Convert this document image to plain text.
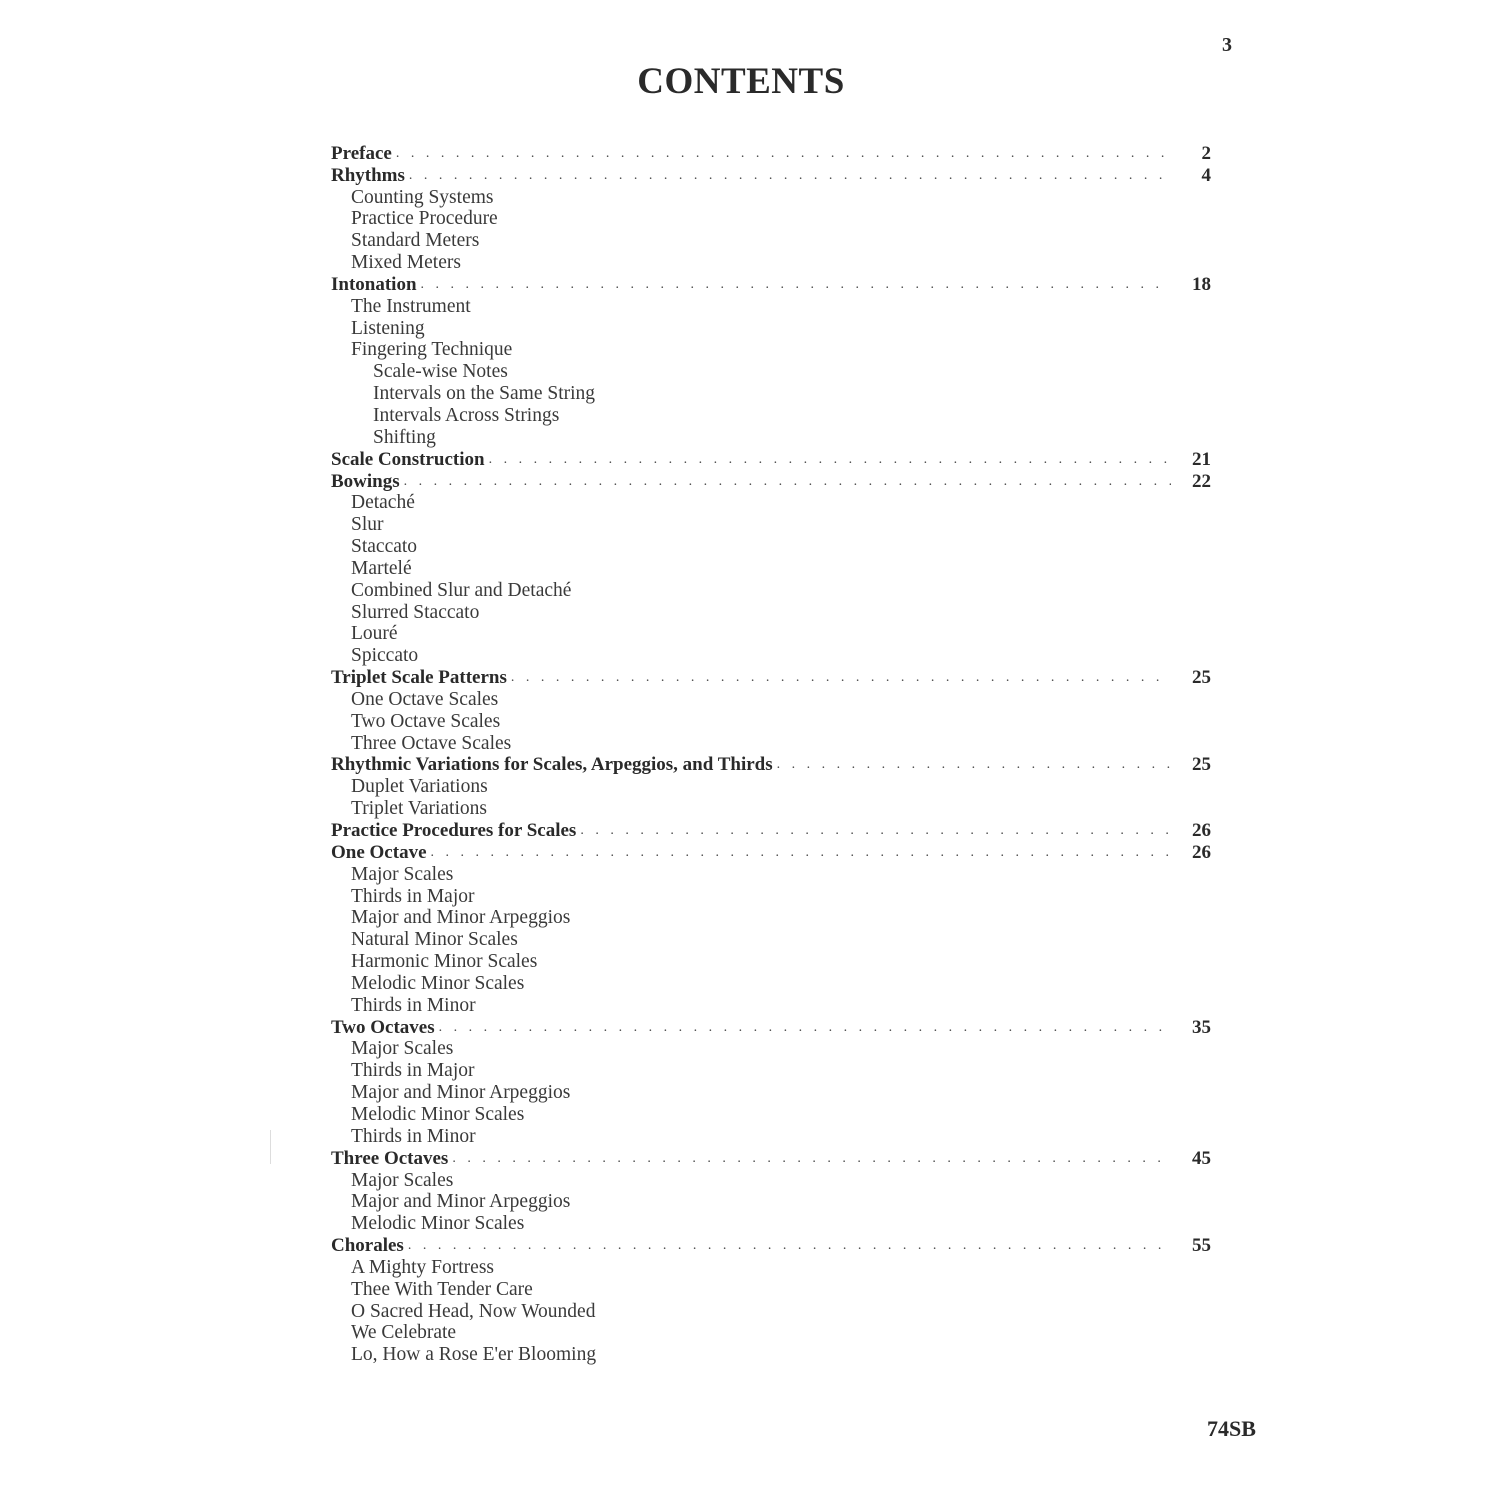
3
CONTENTS
Preface . . .	2
Rhythms . . .	4
Counting Systems
Practice Procedure
Standard Meters
Mixed Meters
Intonation . . .	18
The Instrument
Listening
Fingering Technique
Scale-wise Notes
Intervals on the Same String
Intervals Across Strings
Shifting
Scale Construction . . .	21
Bowings . . .	22
Detaché
Slur
Staccato
Martelé
Combined Slur and Detaché
Slurred Staccato
Louré
Spiccato
Triplet Scale Patterns . . .	25
One Octave Scales
Two Octave Scales
Three Octave Scales
Rhythmic Variations for Scales, Arpeggios, and Thirds . . .	25
Duplet Variations
Triplet Variations
Practice Procedures for Scales . . .	26
One Octave . . .	26
Major Scales
Thirds in Major
Major and Minor Arpeggios
Natural Minor Scales
Harmonic Minor Scales
Melodic Minor Scales
Thirds in Minor
Two Octaves . . .	35
Major Scales
Thirds in Major
Major and Minor Arpeggios
Melodic Minor Scales
Thirds in Minor
Three Octaves . . .	45
Major Scales
Major and Minor Arpeggios
Melodic Minor Scales
Chorales . . .	55
A Mighty Fortress
Thee With Tender Care
O Sacred Head, Now Wounded
We Celebrate
Lo, How a Rose E'er Blooming
74SB
